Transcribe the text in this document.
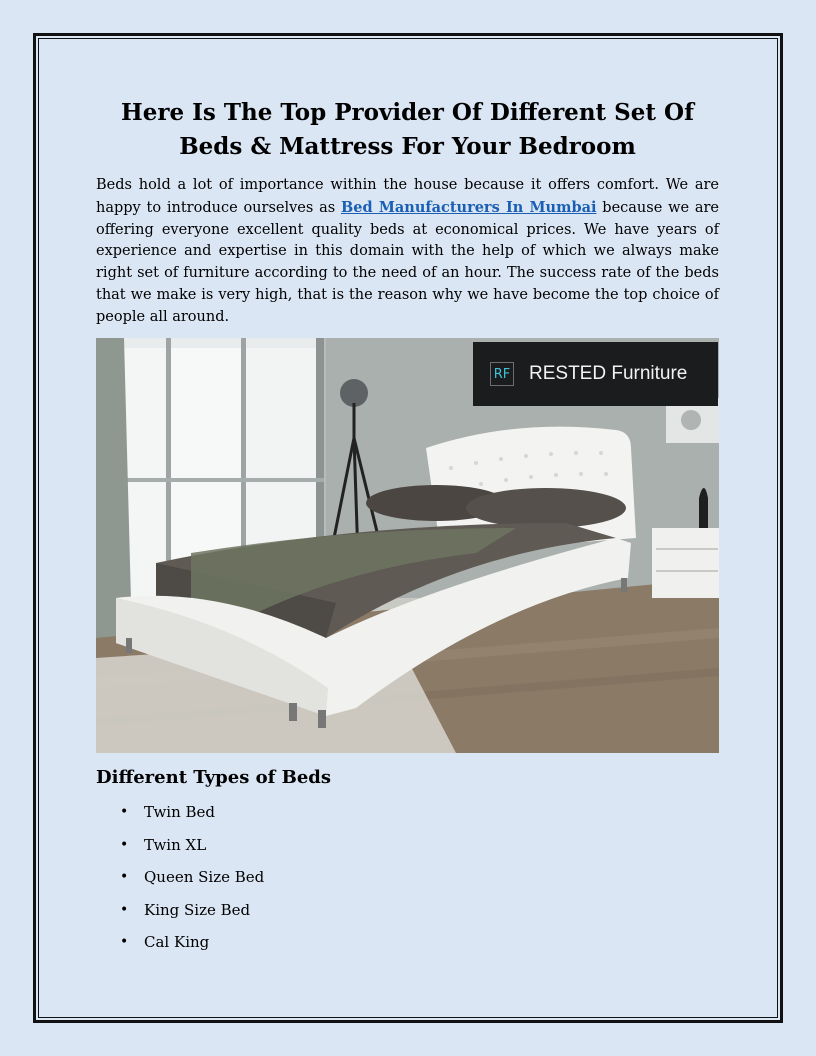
Here Is The Top Provider Of Different Set Of Beds & Mattress For Your Bedroom

Beds hold a lot of importance within the house because it offers comfort. We are happy to introduce ourselves as Bed Manufacturers In Mumbai because we are offering everyone excellent quality beds at economical prices. We have years of experience and expertise in this domain with the help of which we always make right set of furniture according to the need of an hour. The success rate of the beds that we make is very high, that is the reason why we have become the top choice of people all around.

RF RESTED Furniture
Different Types of Beds
• Twin Bed
• Twin XL
• Queen Size Bed
• King Size Bed
• Cal King
